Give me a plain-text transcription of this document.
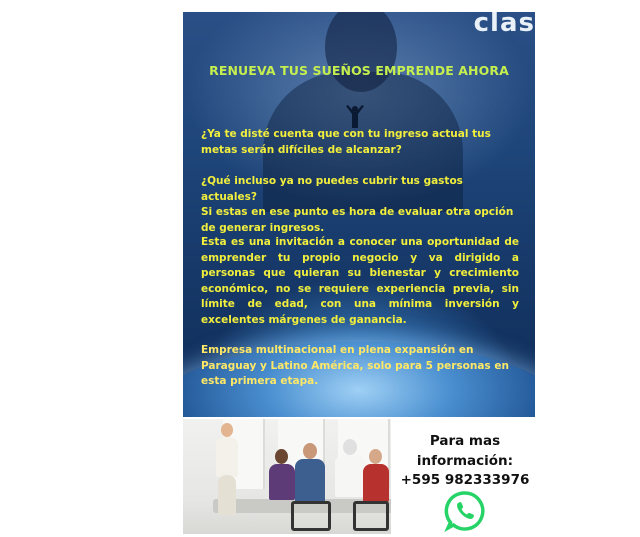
clas
RENUEVA TUS SUEÑOS EMPRENDE AHORA
¿Ya te disté cuenta que con tu ingreso actual tus metas serán difíciles de alcanzar?
¿Qué incluso ya no puedes cubrir tus gastos actuales?
Si estas en ese punto es hora de evaluar otra opción de generar ingresos.
Esta es una invitación a conocer una oportunidad de emprender tu propio negocio y va dirigido a personas que quieran su bienestar y crecimiento económico, no se requiere experiencia previa, sin límite de edad, con una mínima inversión y excelentes márgenes de ganancia.
Empresa multinacional en plena expansión en Paraguay y Latino América, solo para 5 personas en esta primera etapa.
Para mas
información:
+595 982333976
